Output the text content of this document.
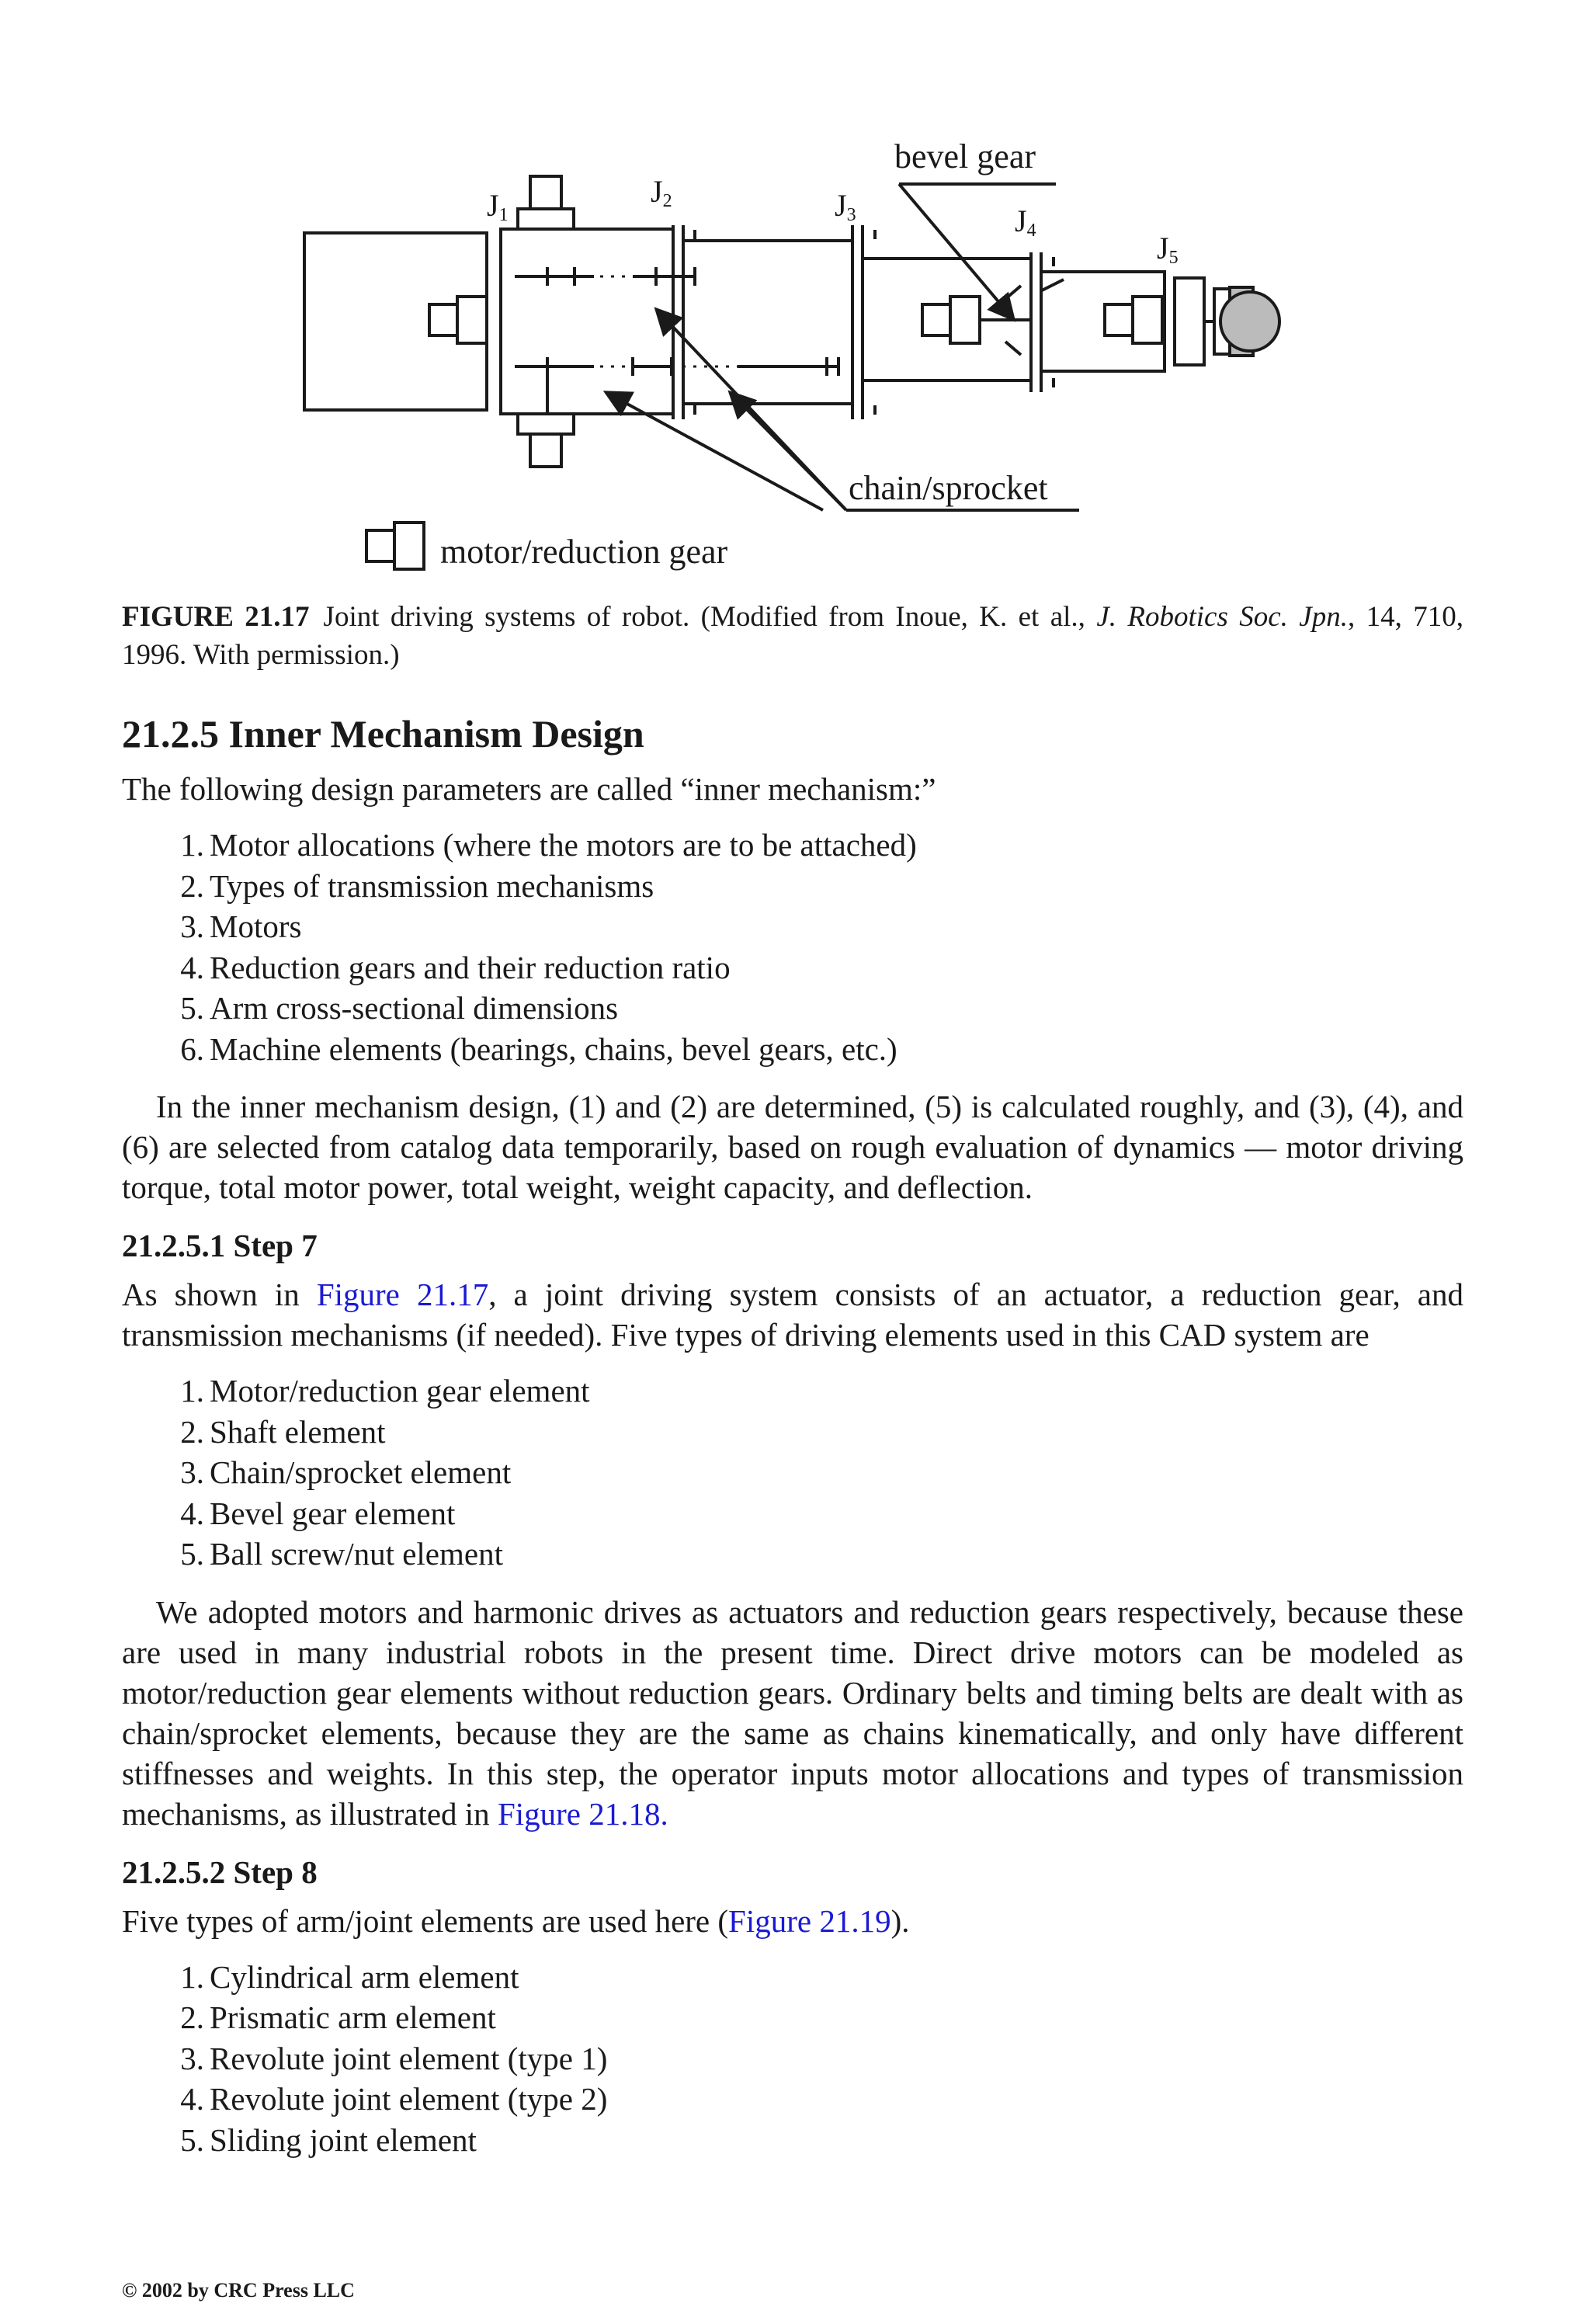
bevel gear
chain/sprocket
motor/reduction gear
J1
J2	J3	J4	J5
FIGURE 21.17 Joint driving systems of robot. (Modified from Inoue, K. et al., J. Robotics Soc. Jpn., 14, 710, 1996. With permission.)
21.2.5 Inner Mechanism Design

The following design parameters are called “inner mechanism:”

1. Motor allocations (where the motors are to be attached)
2. Types of transmission mechanisms
3. Motors
4. Reduction gears and their reduction ratio
5. Arm cross-sectional dimensions
6. Machine elements (bearings, chains, bevel gears, etc.)

In the inner mechanism design, (1) and (2) are determined, (5) is calculated roughly, and (3), (4), and (6) are selected from catalog data temporarily, based on rough evaluation of dynamics — motor driving torque, total motor power, total weight, weight capacity, and deflection.

21.2.5.1 Step 7

As shown in Figure 21.17, a joint driving system consists of an actuator, a reduction gear, and transmission mechanisms (if needed). Five types of driving elements used in this CAD system are

1. Motor/reduction gear element
2. Shaft element
3. Chain/sprocket element
4. Bevel gear element
5. Ball screw/nut element

We adopted motors and harmonic drives as actuators and reduction gears respectively, because these are used in many industrial robots in the present time. Direct drive motors can be modeled as motor/reduction gear elements without reduction gears. Ordinary belts and timing belts are dealt with as chain/sprocket elements, because they are the same as chains kinematically, and only have different stiffnesses and weights. In this step, the operator inputs motor allocations and types of transmission mechanisms, as illustrated in Figure 21.18.

21.2.5.2 Step 8

Five types of arm/joint elements are used here (Figure 21.19).

1. Cylindrical arm element
2. Prismatic arm element
3. Revolute joint element (type 1)
4. Revolute joint element (type 2)
5. Sliding joint element
© 2002 by CRC Press LLC
